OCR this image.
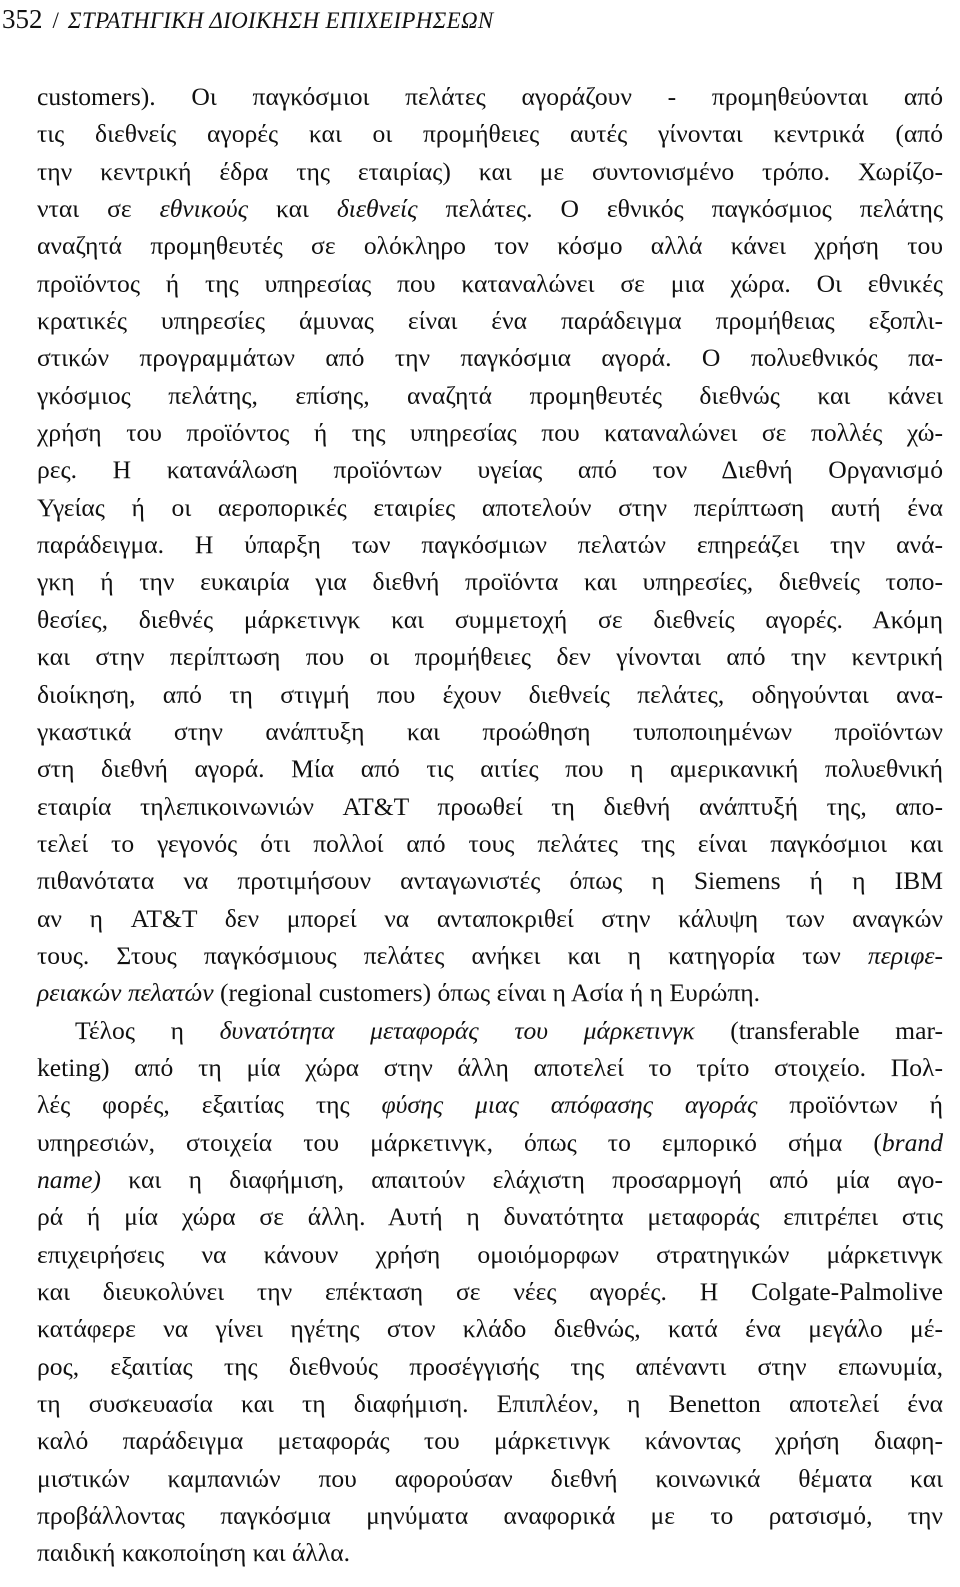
352 / ΣΤΡΑΤΗΓΙΚΗ ΔΙΟΙΚΗΣΗ ΕΠΙΧΕΙΡΗΣΕΩΝ
customers). Οι παγκόσμιοι πελάτες αγοράζουν - προμηθεύονται από
τις διεθνείς αγορές και οι προμήθειες αυτές γίνονται κεντρικά (από
την κεντρική έδρα της εταιρίας) και με συντονισμένο τρόπο. Χωρίζο-
νται σε εθνικούς και διεθνείς πελάτες. Ο εθνικός παγκόσμιος πελάτης
αναζητά προμηθευτές σε ολόκληρο τον κόσμο αλλά κάνει χρήση του
προϊόντος ή της υπηρεσίας που καταναλώνει σε μια χώρα. Οι εθνικές
κρατικές υπηρεσίες άμυνας είναι ένα παράδειγμα προμήθειας εξοπλι-
στικών προγραμμάτων από την παγκόσμια αγορά. Ο πολυεθνικός πα-
γκόσμιος πελάτης, επίσης, αναζητά προμηθευτές διεθνώς και κάνει
χρήση του προϊόντος ή της υπηρεσίας που καταναλώνει σε πολλές χώ-
ρες. Η κατανάλωση προϊόντων υγείας από τον Διεθνή Οργανισμό
Υγείας ή οι αεροπορικές εταιρίες αποτελούν στην περίπτωση αυτή ένα
παράδειγμα. Η ύπαρξη των παγκόσμιων πελατών επηρεάζει την ανά-
γκη ή την ευκαιρία για διεθνή προϊόντα και υπηρεσίες, διεθνείς τοπο-
θεσίες, διεθνές μάρκετινγκ και συμμετοχή σε διεθνείς αγορές. Ακόμη
και στην περίπτωση που οι προμήθειες δεν γίνονται από την κεντρική
διοίκηση, από τη στιγμή που έχουν διεθνείς πελάτες, οδηγούνται ανα-
γκαστικά στην ανάπτυξη και προώθηση τυποποιημένων προϊόντων
στη διεθνή αγορά. Μία από τις αιτίες που η αμερικανική πολυεθνική
εταιρία τηλεπικοινωνιών AT&T προωθεί τη διεθνή ανάπτυξή της, απο-
τελεί το γεγονός ότι πολλοί από τους πελάτες της είναι παγκόσμιοι και
πιθανότατα να προτιμήσουν ανταγωνιστές όπως η Siemens ή η IBM
αν η AT&T δεν μπορεί να ανταποκριθεί στην κάλυψη των αναγκών
τους. Στους παγκόσμιους πελάτες ανήκει και η κατηγορία των περιφε-
ρειακών πελατών (regional customers) όπως είναι η Ασία ή η Ευρώπη.
Τέλος η δυνατότητα μεταφοράς του μάρκετινγκ (transferable mar-
keting) από τη μία χώρα στην άλλη αποτελεί το τρίτο στοιχείο. Πολ-
λές φορές, εξαιτίας της φύσης μιας απόφασης αγοράς προϊόντων ή
υπηρεσιών, στοιχεία του μάρκετινγκ, όπως το εμπορικό σήμα (brand
name) και η διαφήμιση, απαιτούν ελάχιστη προσαρμογή από μία αγο-
ρά ή μία χώρα σε άλλη. Αυτή η δυνατότητα μεταφοράς επιτρέπει στις
επιχειρήσεις να κάνουν χρήση ομοιόμορφων στρατηγικών μάρκετινγκ
και διευκολύνει την επέκταση σε νέες αγορές. Η Colgate-Palmolive
κατάφερε να γίνει ηγέτης στον κλάδο διεθνώς, κατά ένα μεγάλο μέ-
ρος, εξαιτίας της διεθνούς προσέγγισής της απέναντι στην επωνυμία,
τη συσκευασία και τη διαφήμιση. Επιπλέον, η Benetton αποτελεί ένα
καλό παράδειγμα μεταφοράς του μάρκετινγκ κάνοντας χρήση διαφη-
μιστικών καμπανιών που αφορούσαν διεθνή κοινωνικά θέματα και
προβάλλοντας παγκόσμια μηνύματα αναφορικά με το ρατσισμό, την
παιδική κακοποίηση και άλλα.
